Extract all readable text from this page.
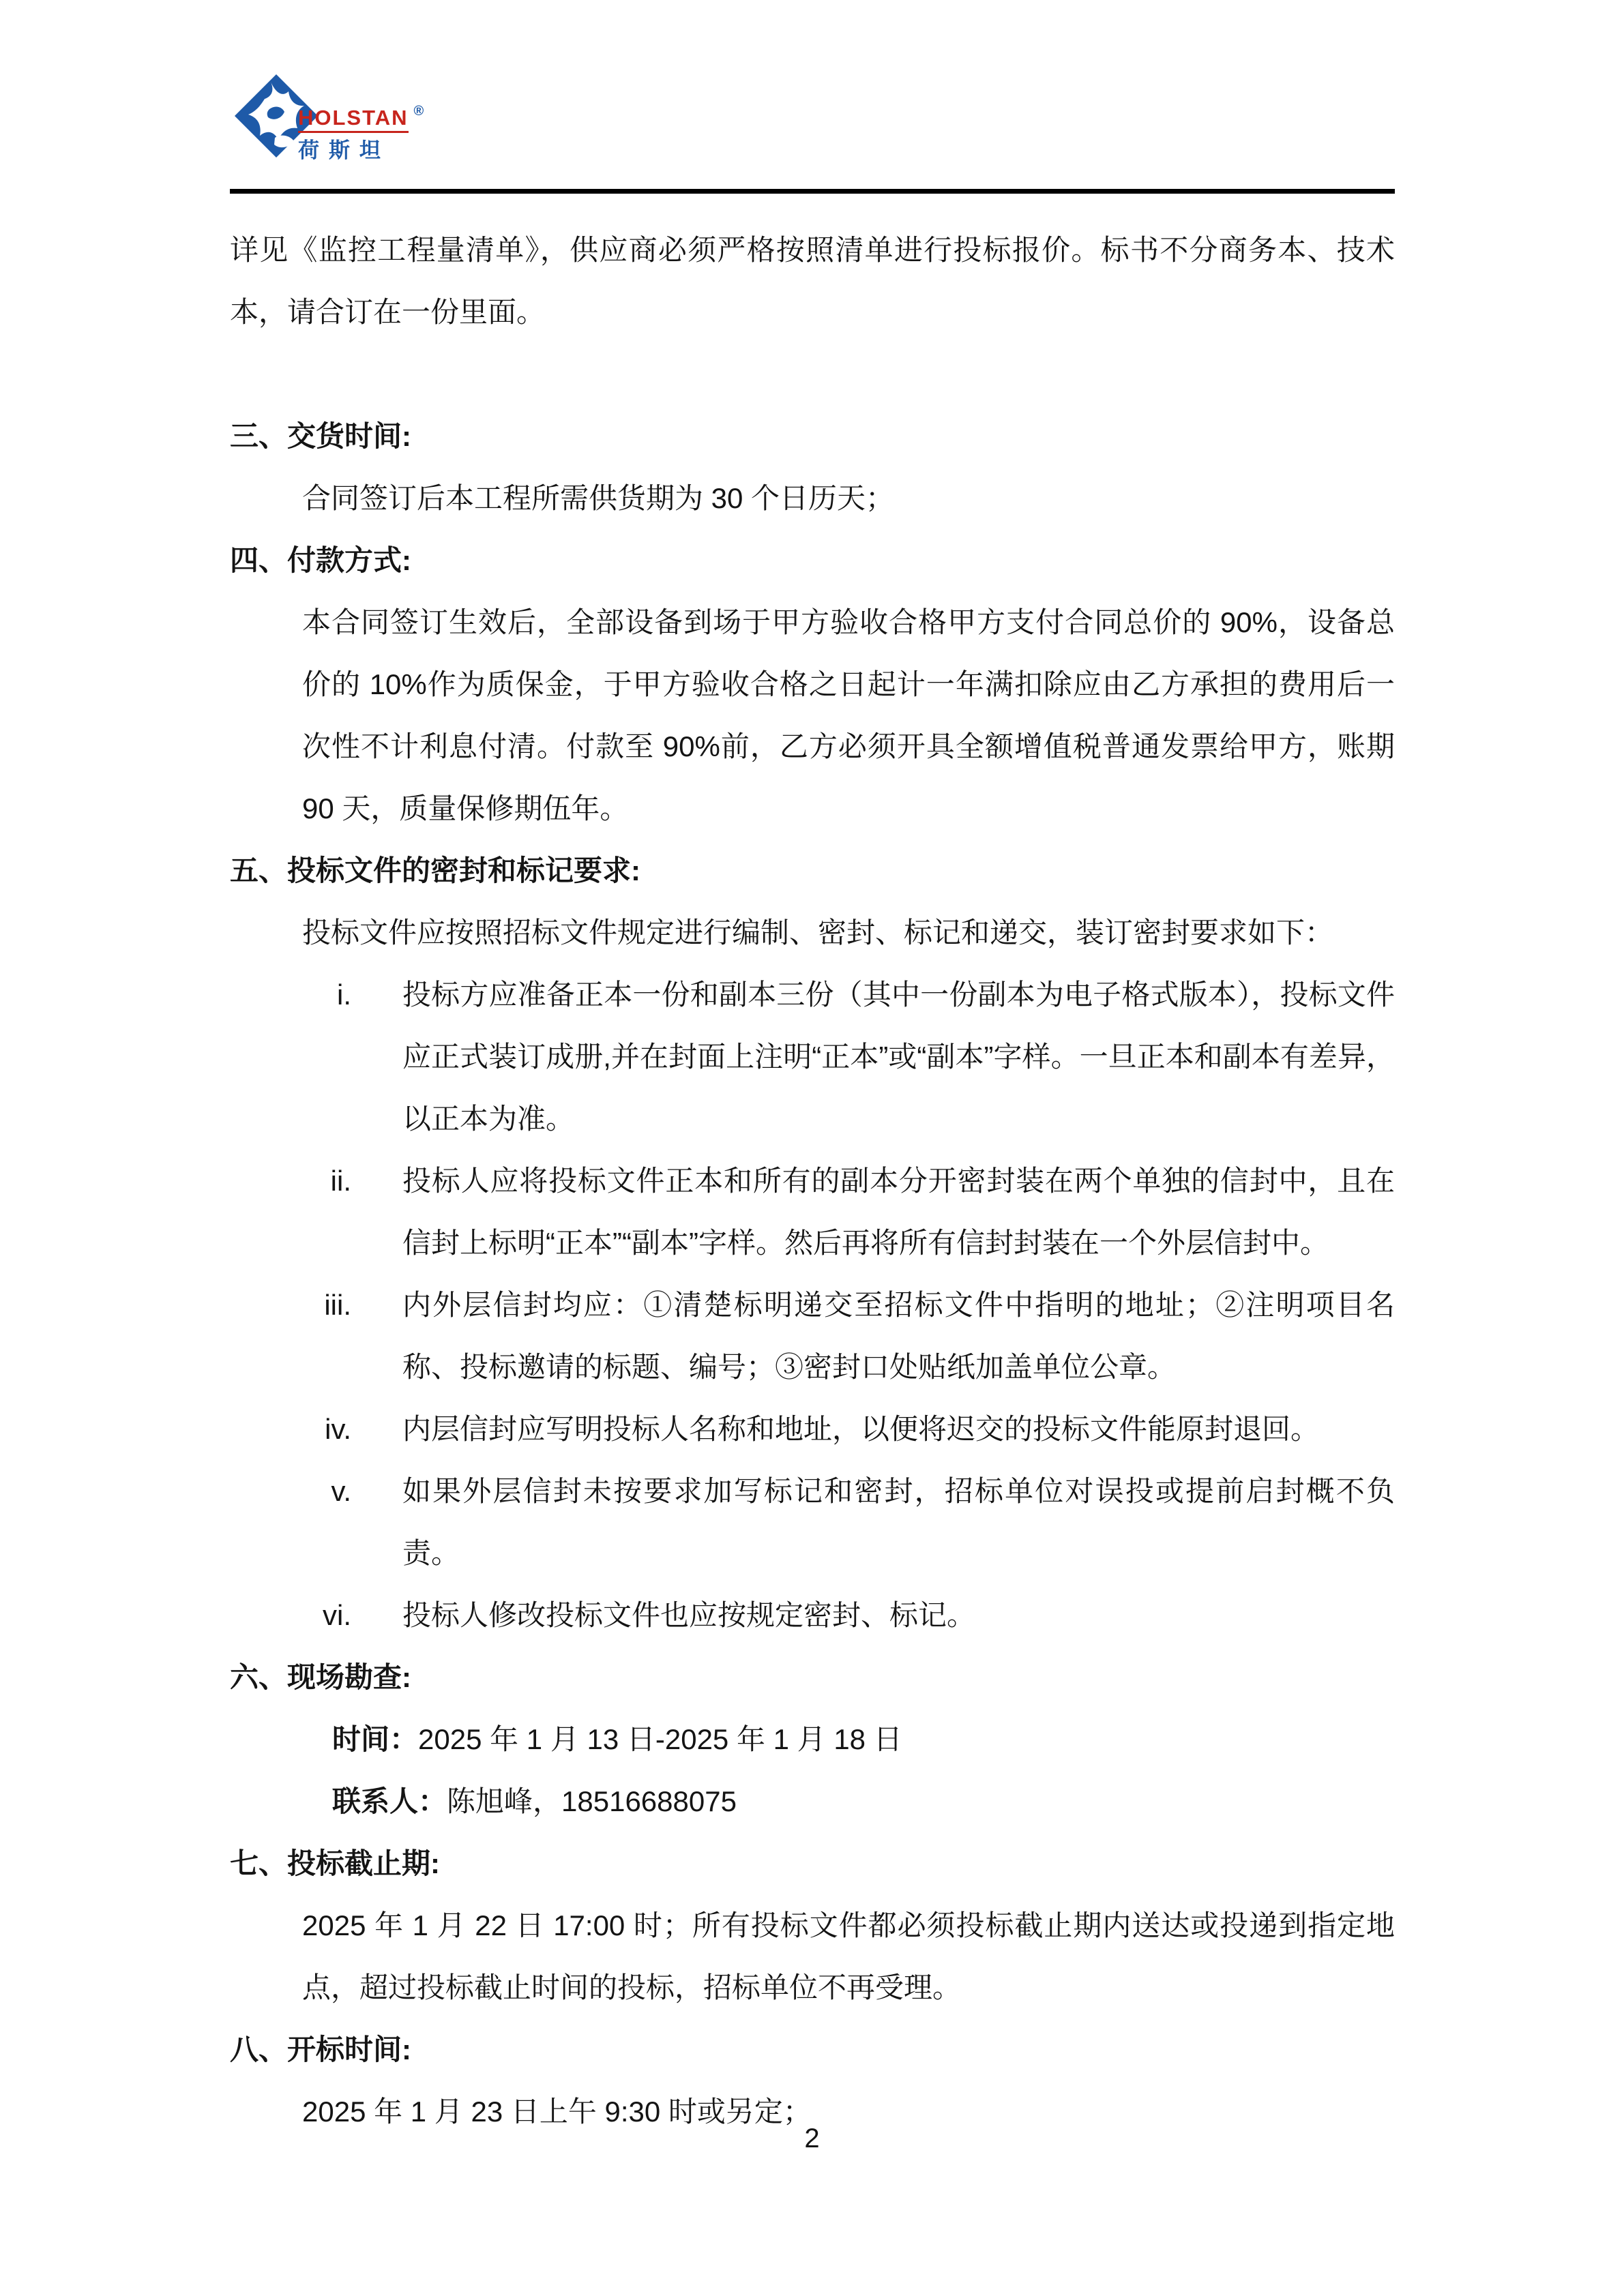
HOLSTAN ®
荷斯坦

详见《监控工程量清单》，供应商必须严格按照清单进行投标报价。标书不分商务本、技术本，请合订在一份里面。

三、交货时间:

合同签订后本工程所需供货期为 30 个日历天；

四、付款方式:

本合同签订生效后，全部设备到场于甲方验收合格甲方支付合同总价的 90%，设备总价的 10%作为质保金，于甲方验收合格之日起计一年满扣除应由乙方承担的费用后一次性不计利息付清。付款至 90%前，乙方必须开具全额增值税普通发票给甲方，账期 90 天，质量保修期伍年。

五、投标文件的密封和标记要求:

投标文件应按照招标文件规定进行编制、密封、标记和递交，装订密封要求如下：

i. 投标方应准备正本一份和副本三份（其中一份副本为电子格式版本），投标文件应正式装订成册,并在封面上注明“正本”或“副本”字样。一旦正本和副本有差异，以正本为准。
ii. 投标人应将投标文件正本和所有的副本分开密封装在两个单独的信封中，且在信封上标明“正本”“副本”字样。然后再将所有信封封装在一个外层信封中。
iii. 内外层信封均应：①清楚标明递交至招标文件中指明的地址；②注明项目名称、投标邀请的标题、编号；③密封口处贴纸加盖单位公章。
iv. 内层信封应写明投标人名称和地址，以便将迟交的投标文件能原封退回。
v. 如果外层信封未按要求加写标记和密封，招标单位对误投或提前启封概不负责。
vi. 投标人修改投标文件也应按规定密封、标记。
六、现场勘查:

时间：2025 年 1 月 13 日-2025 年 1 月 18 日

联系人：陈旭峰，18516688075

七、投标截止期:

2025 年 1 月 22 日 17:00 时；所有投标文件都必须投标截止期内送达或投递到指定地点，超过投标截止时间的投标，招标单位不再受理。

八、开标时间:

2025 年 1 月 23 日上午 9:30 时或另定；

2
